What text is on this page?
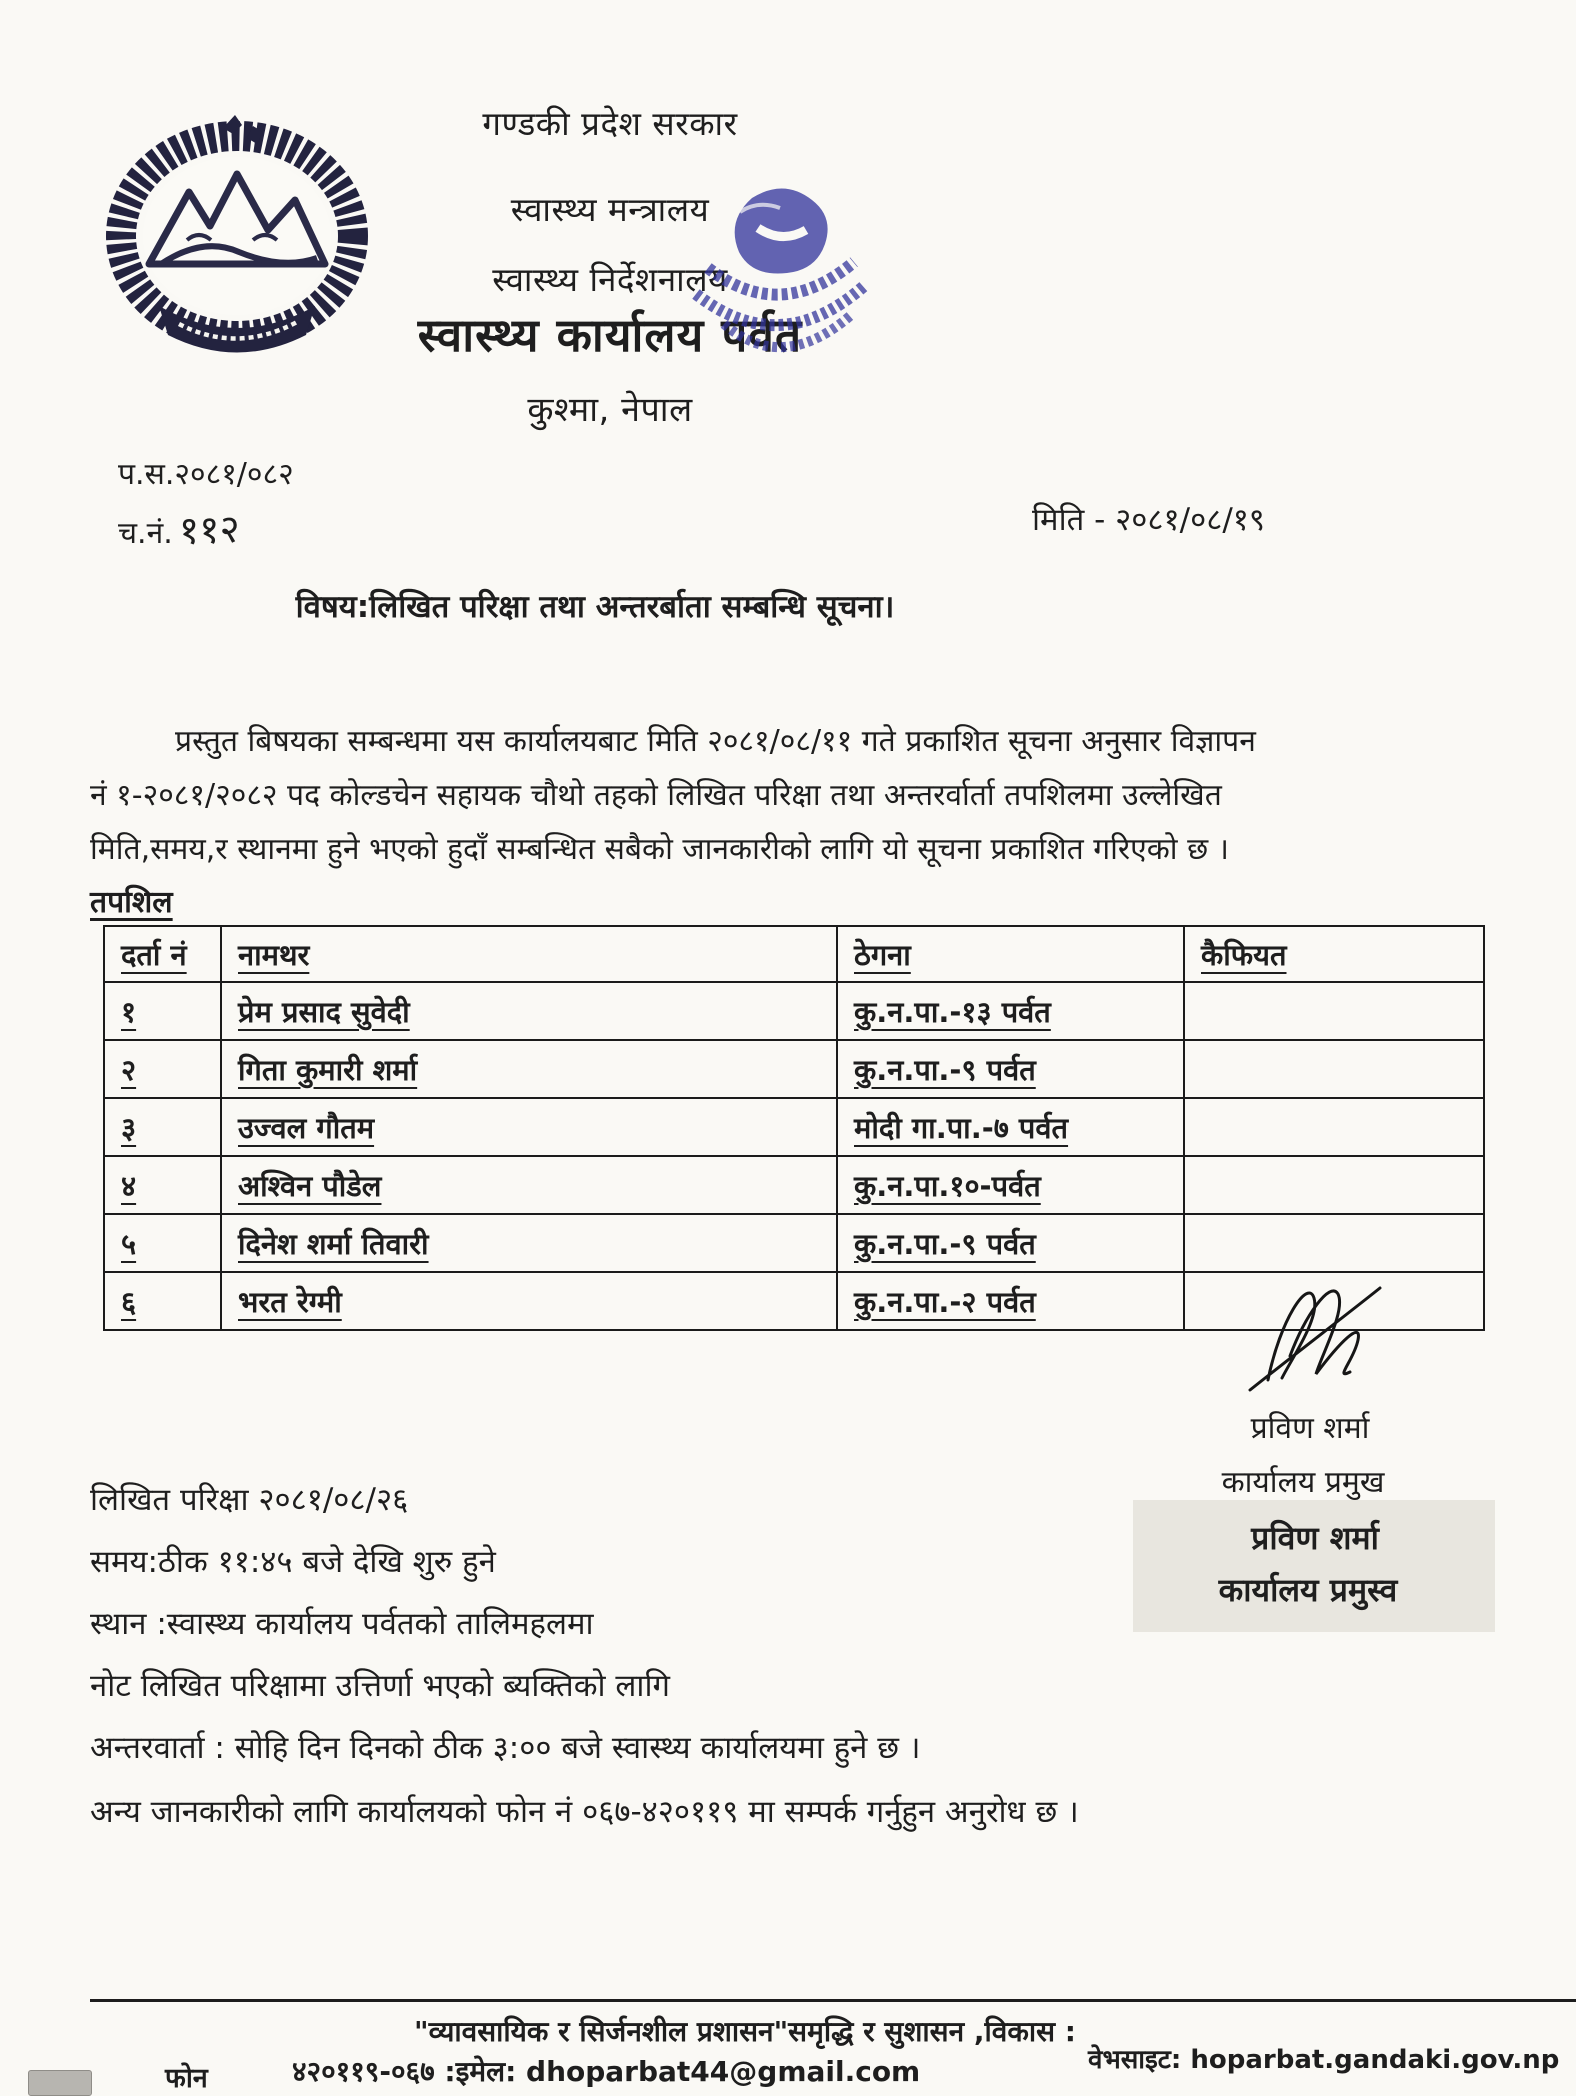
गण्डकी प्रदेश सरकार
स्वास्थ्य मन्त्रालय
स्वास्थ्य निर्देशनालय
स्वास्थ्य कार्यालय पर्वत
कुश्मा, नेपाल
प.स.२०८१/०८२
च.नं. ११२	मिति - २०८१/०८/१९
विषय:लिखित परिक्षा तथा अन्तरर्बाता सम्बन्धि सूचना।
प्रस्तुत बिषयका सम्बन्धमा यस कार्यालयबाट मिति २०८१/०८/११ गते प्रकाशित सूचना अनुसार विज्ञापन
नं १-२०८१/२०८२ पद कोल्डचेन सहायक चौथो तहको लिखित परिक्षा तथा अन्तरर्वार्ता तपशिलमा उल्लेखित
मिति,समय,र स्थानमा हुने भएको हुदाँ सम्बन्धित सबैको जानकारीको लागि यो सूचना प्रकाशित गरिएको छ ।
तपशिल
दर्ता नं	नामथर	ठेगना	कैफियत
१	प्रेम प्रसाद सुवेदी	कु.न.पा.-१३ पर्वत	
२	गिता कुमारी शर्मा	कु.न.पा.-९ पर्वत	
३	उज्वल गौतम	मोदी गा.पा.-७ पर्वत	
४	अश्विन पौडेल	कु.न.पा.१०-पर्वत	
५	दिनेश शर्मा तिवारी	कु.न.पा.-९ पर्वत	
६	भरत रेग्मी	कु.न.पा.-२ पर्वत	
प्रविण शर्मा
कार्यालय प्रमुख
प्रविण शर्मा
कार्यालय प्रमुस्व
लिखित परिक्षा २०८१/०८/२६
समय:ठीक ११:४५ बजे देखि शुरु हुने
स्थान :स्वास्थ्य कार्यालय पर्वतको तालिमहलमा
नोट लिखित परिक्षामा उत्तिर्णा भएको ब्यक्तिको लागि
अन्तरवार्ता : सोहि दिन दिनको ठीक ३:०० बजे स्वास्थ्य कार्यालयमा हुने छ ।
अन्य जानकारीको लागि कार्यालयको फोन नं ०६७-४२०११९ मा सम्पर्क गर्नुहुन अनुरोध छ ।
"व्यावसायिक र सिर्जनशील प्रशासन"समृद्धि र सुशासन ,विकास :
फोन	४२०११९-०६७ :इमेल: dhoparbat44@gmail.com	वेभसाइट: hoparbat.gandaki.gov.np
